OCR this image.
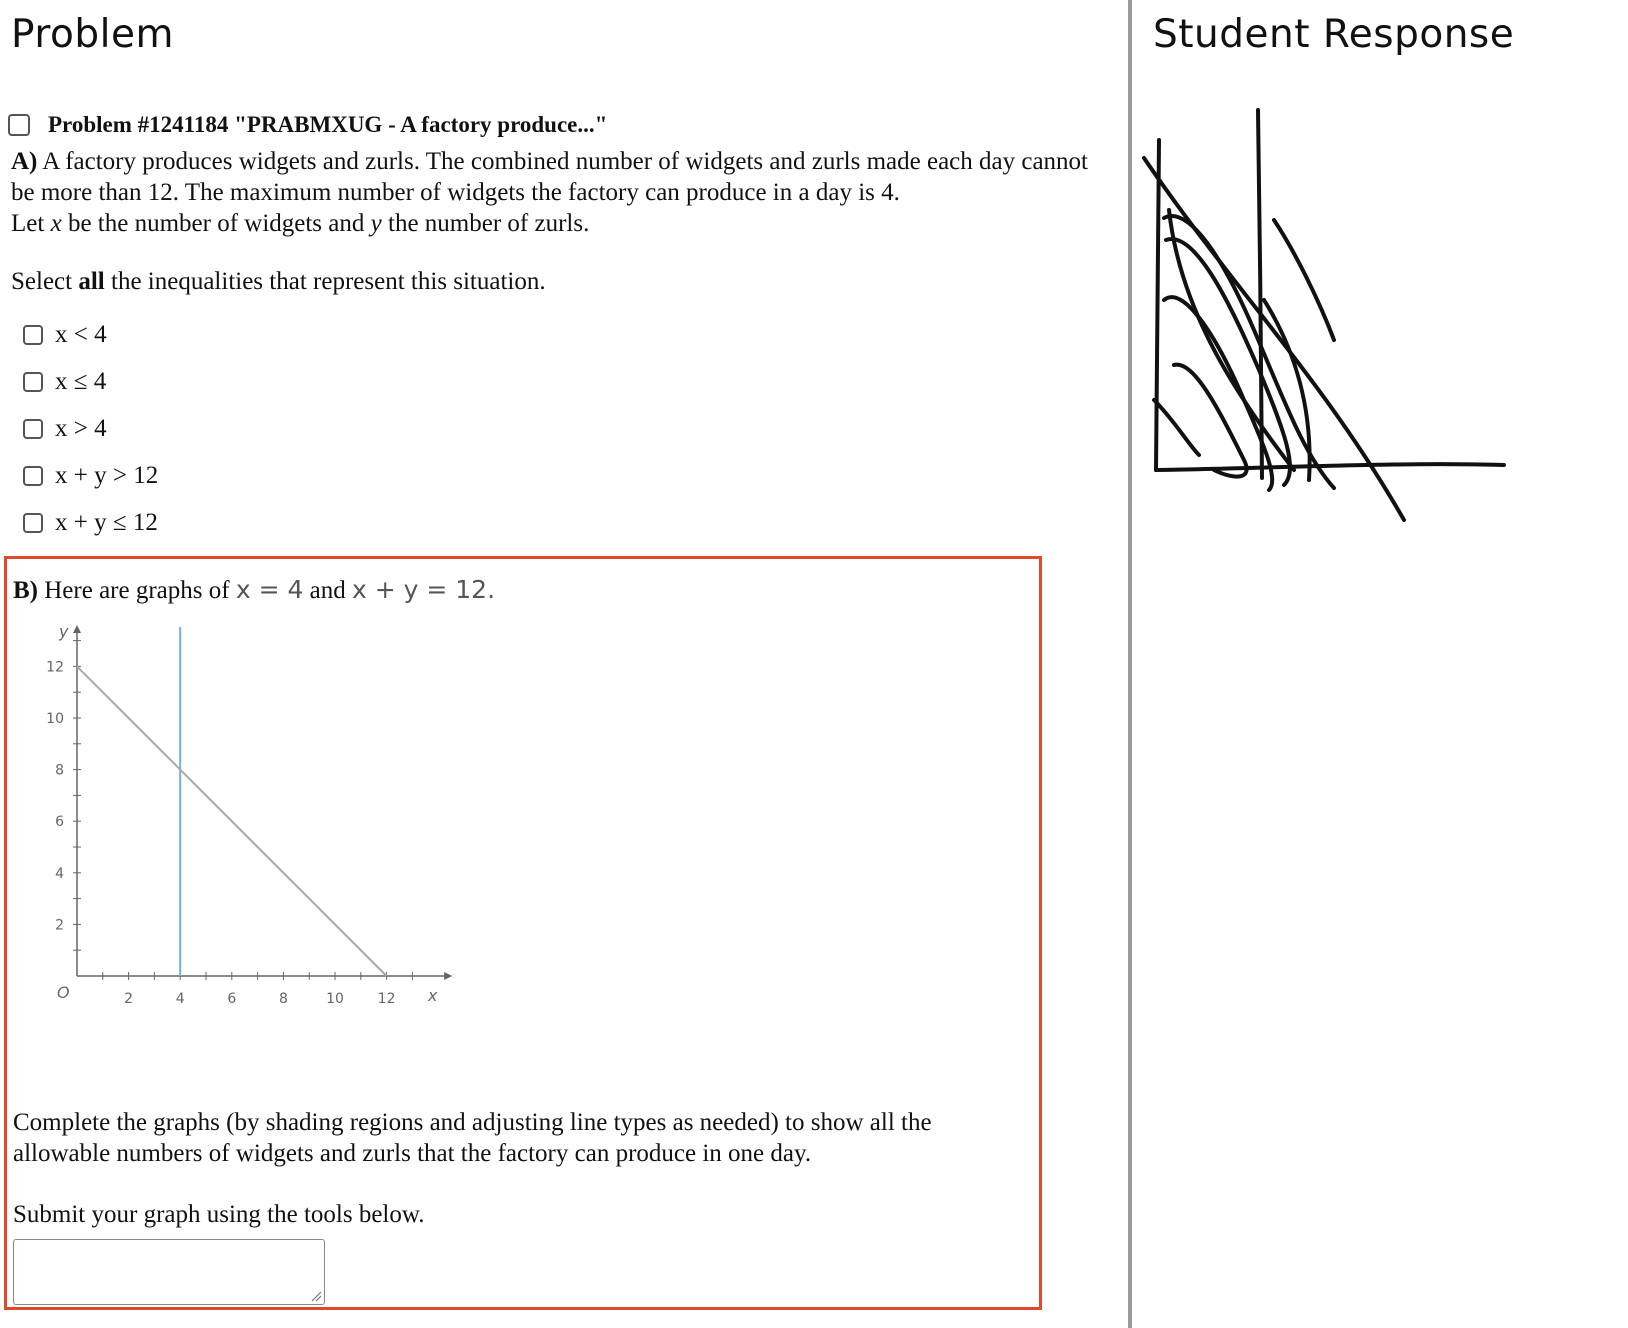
Problem
Problem #1241184 "PRABMXUG - A factory produce..."

A) A factory produces widgets and zurls. The combined number of widgets and zurls made each day cannot be more than 12. The maximum number of widgets the factory can produce in a day is 4.

Let x be the number of widgets and y the number of zurls.

Select all the inequalities that represent this situation.
x < 4
x ≤ 4
x > 4
x + y > 12
x + y ≤ 12
B) Here are graphs of x = 4 and x + y = 12.
2	4	6	8	10 12
2
4
6
8
10
12
x
y
O
Complete the graphs (by shading regions and adjusting line types as needed) to show all the allowable numbers of widgets and zurls that the factory can produce in one day.
Submit your graph using the tools below.
Student Response
